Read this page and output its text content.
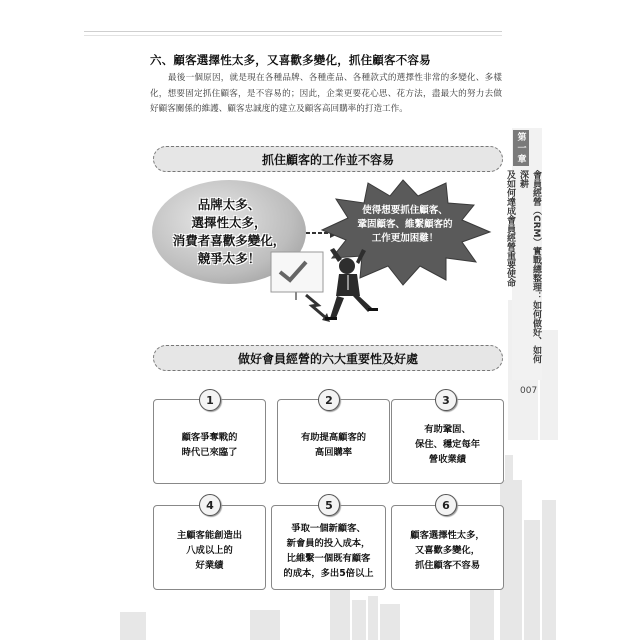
六、顧客選擇性太多，又喜歡多變化，抓住顧客不容易
最後一個原因，就是現在各種品牌、各種產品、各種款式的選擇性非常的多變化、多樣化，想要固定抓住顧客，是不容易的；因此，企業更要花心思、花方法，盡最大的努力去做好顧客關係的維護、顧客忠誠度的建立及顧客高回購率的打造工作。
抓住顧客的工作並不容易
品牌太多、
選擇性太多，
消費者喜歡多變化，
競爭太多！
使得想要抓住顧客、
鞏固顧客、維繫顧客的
工作更加困難！
做好會員經營的六大重要性及好處
顧客爭奪戰的
時代已來臨了
1
有助提高顧客的
高回購率
2
有助鞏固、
保住、穩定每年
營收業績
3
主顧客能創造出
八成以上的
好業績
4
爭取一個新顧客、
新會員的投入成本，
比維繫一個既有顧客
的成本，多出5倍以上
5
顧客選擇性太多，
又喜歡多變化，
抓住顧客不容易
6
第一章
會員經營（CRM）實戰總整理：如何做好、如何深耕
及如何達成會員經營重要使命
007
